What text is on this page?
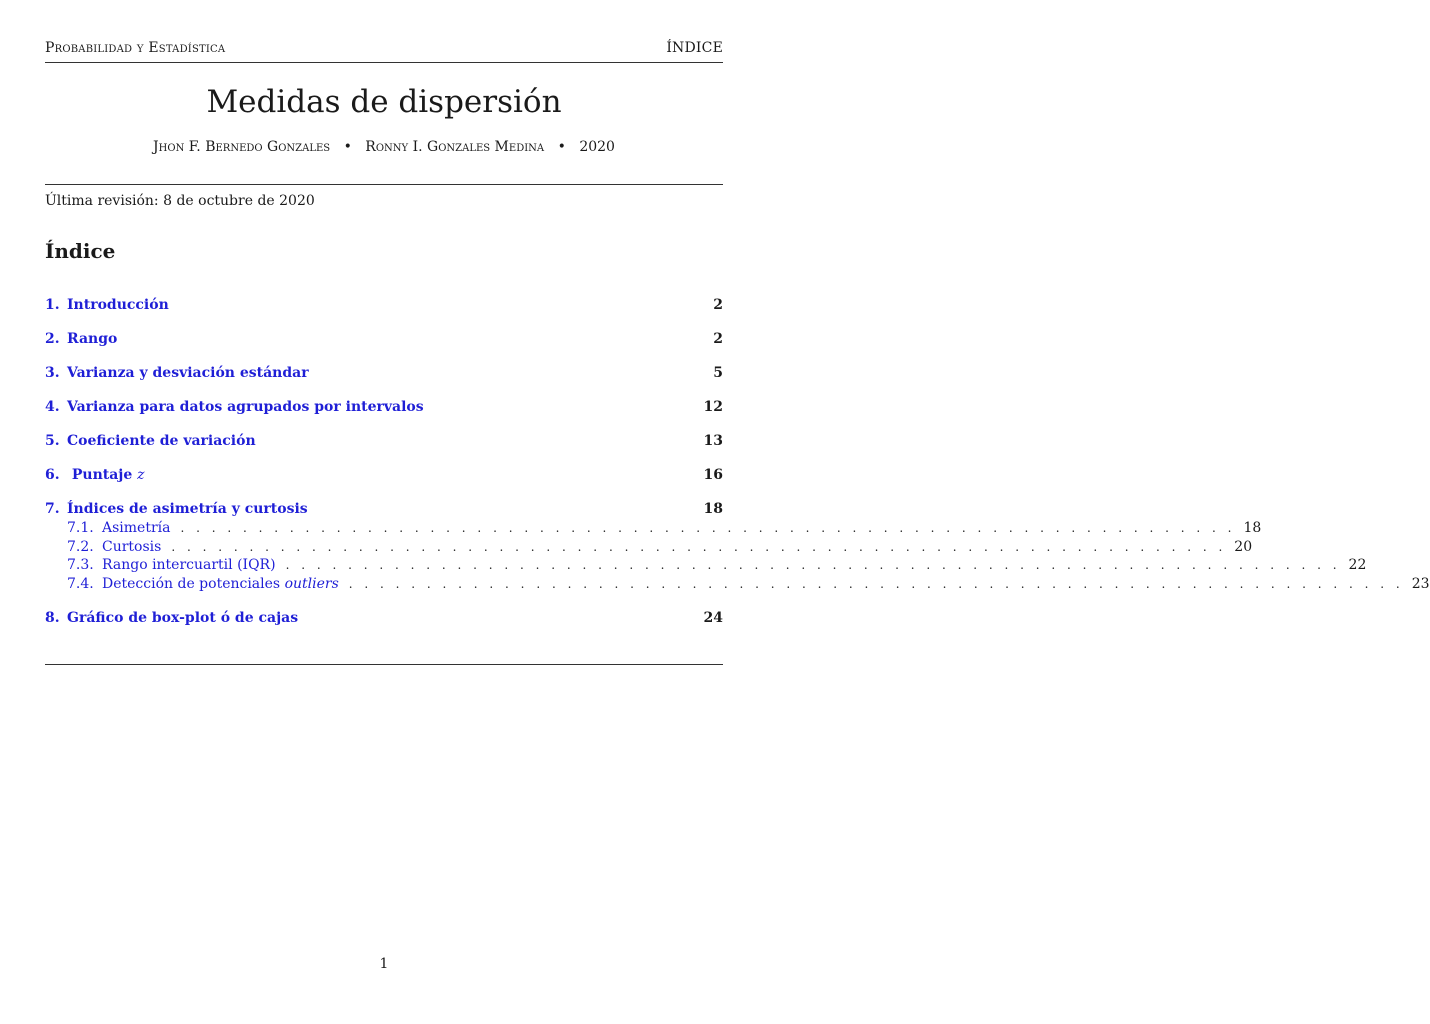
Probabilidad y Estadística	ÍNDICE
Medidas de dispersión
Jhon F. Bernedo Gonzales • Ronny I. Gonzales Medina • 2020
Última revisión: 8 de octubre de 2020
Índice
1. Introducción	2
2. Rango	2
3. Varianza y desviación estándar	5
4. Varianza para datos agrupados por intervalos	12
5. Coeficiente de variación	13
6. Puntaje z	16
7. Índices de asimetría y curtosis	18
7.1. Asimetría . . . . . . . . . . . . . . . . . . . . . . . . . . . . . . . . . . . . . . . . . . . . . . . . . . . . . . . . . . . . . . . . . . . . 18
7.2. Curtosis . . . . . . . . . . . . . . . . . . . . . . . . . . . . . . . . . . . . . . . . . . . . . . . . . . . . . . . . . . . . . . . . . . . . 20
7.3. Rango intercuartil (IQR) . . . . . . . . . . . . . . . . . . . . . . . . . . . . . . . . . . . . . . . . . . . . . . . . . . . . . . . . . . . . . . . . . . . . 22
7.4. Detección de potenciales outliers . . . . . . . . . . . . . . . . . . . . . . . . . . . . . . . . . . . . . . . . . . . . . . . . . . . . . . . . . . . . . . . . . . . . 23
8. Gráfico de box-plot ó de cajas	24
1
